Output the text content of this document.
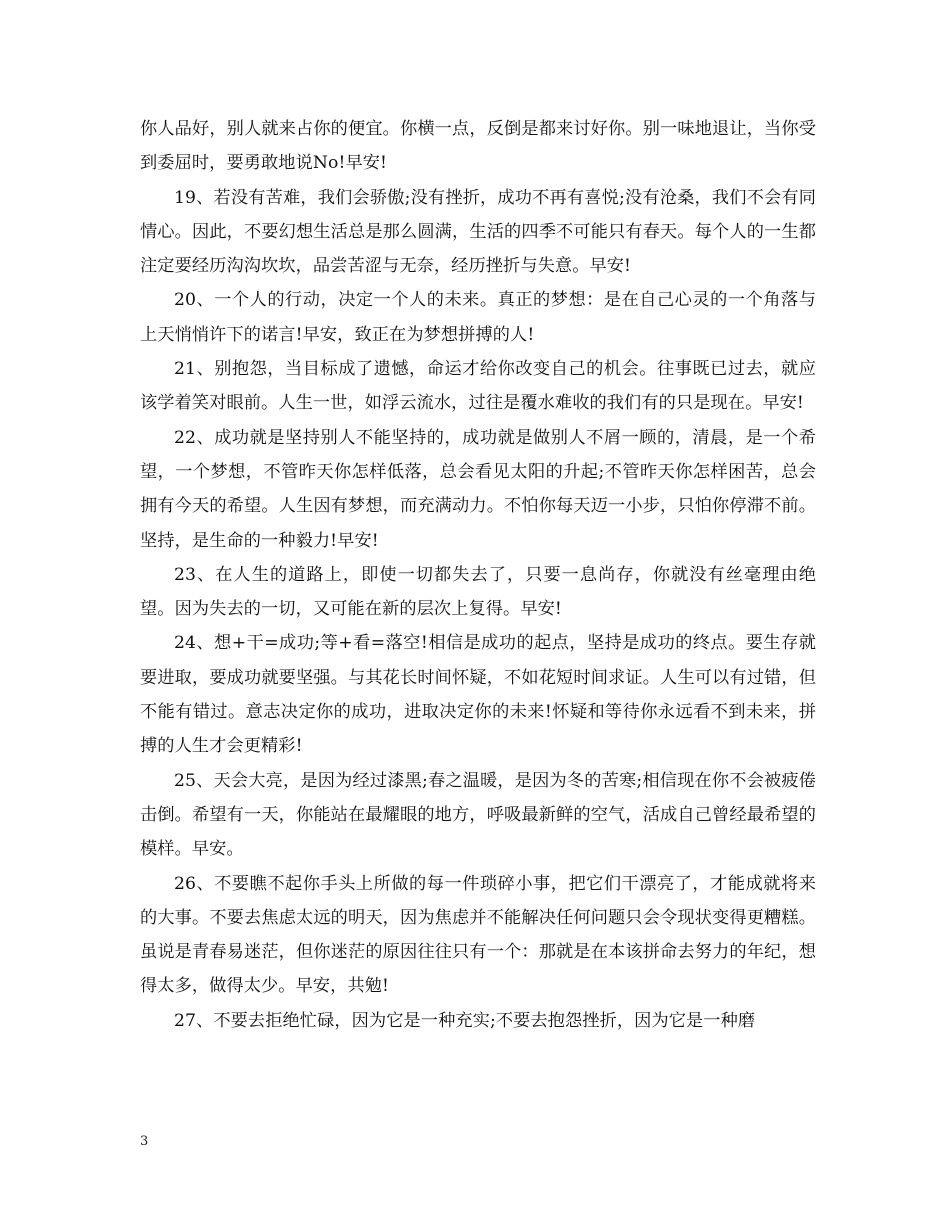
你人品好，别人就来占你的便宜。你横一点，反倒是都来讨好你。别一味地退让，当你受到委屈时，要勇敢地说No!早安!

19、若没有苦难，我们会骄傲;没有挫折，成功不再有喜悦;没有沧桑，我们不会有同情心。因此，不要幻想生活总是那么圆满，生活的四季不可能只有春天。每个人的一生都注定要经历沟沟坎坎，品尝苦涩与无奈，经历挫折与失意。早安!

20、一个人的行动，决定一个人的未来。真正的梦想：是在自己心灵的一个角落与上天悄悄许下的诺言!早安，致正在为梦想拼搏的人!

21、别抱怨，当目标成了遗憾，命运才给你改变自己的机会。往事既已过去，就应该学着笑对眼前。人生一世，如浮云流水，过往是覆水难收的我们有的只是现在。早安!

22、成功就是坚持别人不能坚持的，成功就是做别人不屑一顾的，清晨，是一个希望，一个梦想，不管昨天你怎样低落，总会看见太阳的升起;不管昨天你怎样困苦，总会拥有今天的希望。人生因有梦想，而充满动力。不怕你每天迈一小步，只怕你停滞不前。坚持，是生命的一种毅力!早安!

23、在人生的道路上，即使一切都失去了，只要一息尚存，你就没有丝毫理由绝望。因为失去的一切，又可能在新的层次上复得。早安!

24、想+干=成功;等+看=落空!相信是成功的起点，坚持是成功的终点。要生存就要进取，要成功就要坚强。与其花长时间怀疑，不如花短时间求证。人生可以有过错，但不能有错过。意志决定你的成功，进取决定你的未来!怀疑和等待你永远看不到未来，拼搏的人生才会更精彩!

25、天会大亮，是因为经过漆黑;春之温暖，是因为冬的苦寒;相信现在你不会被疲倦击倒。希望有一天，你能站在最耀眼的地方，呼吸最新鲜的空气，活成自己曾经最希望的模样。早安。

26、不要瞧不起你手头上所做的每一件琐碎小事，把它们干漂亮了，才能成就将来的大事。不要去焦虑太远的明天，因为焦虑并不能解决任何问题只会令现状变得更糟糕。虽说是青春易迷茫，但你迷茫的原因往往只有一个：那就是在本该拼命去努力的年纪，想得太多，做得太少。早安，共勉!

27、不要去拒绝忙碌，因为它是一种充实;不要去抱怨挫折，因为它是一种磨

3
